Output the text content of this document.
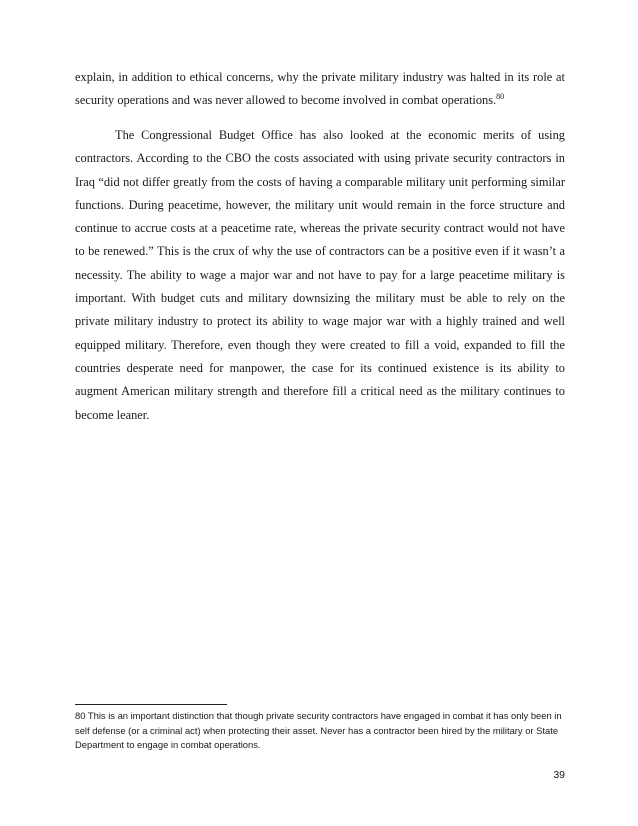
explain, in addition to ethical concerns, why the private military industry was halted in its role at security operations and was never allowed to become involved in combat operations.$^{80}$

The Congressional Budget Office has also looked at the economic merits of using contractors. According to the CBO the costs associated with using private security contractors in Iraq “did not differ greatly from the costs of having a comparable military unit performing similar functions. During peacetime, however, the military unit would remain in the force structure and continue to accrue costs at a peacetime rate, whereas the private security contract would not have to be renewed.” This is the crux of why the use of contractors can be a positive even if it wasn’t a necessity. The ability to wage a major war and not have to pay for a large peacetime military is important. With budget cuts and military downsizing the military must be able to rely on the private military industry to protect its ability to wage major war with a highly trained and well equipped military. Therefore, even though they were created to fill a void, expanded to fill the countries desperate need for manpower, the case for its continued existence is its ability to augment American military strength and therefore fill a critical need as the military continues to become leaner.

80 This is an important distinction that though private security contractors have engaged in combat it has only been in self defense (or a criminal act) when protecting their asset. Never has a contractor been hired by the military or State Department to engage in combat operations.

39
